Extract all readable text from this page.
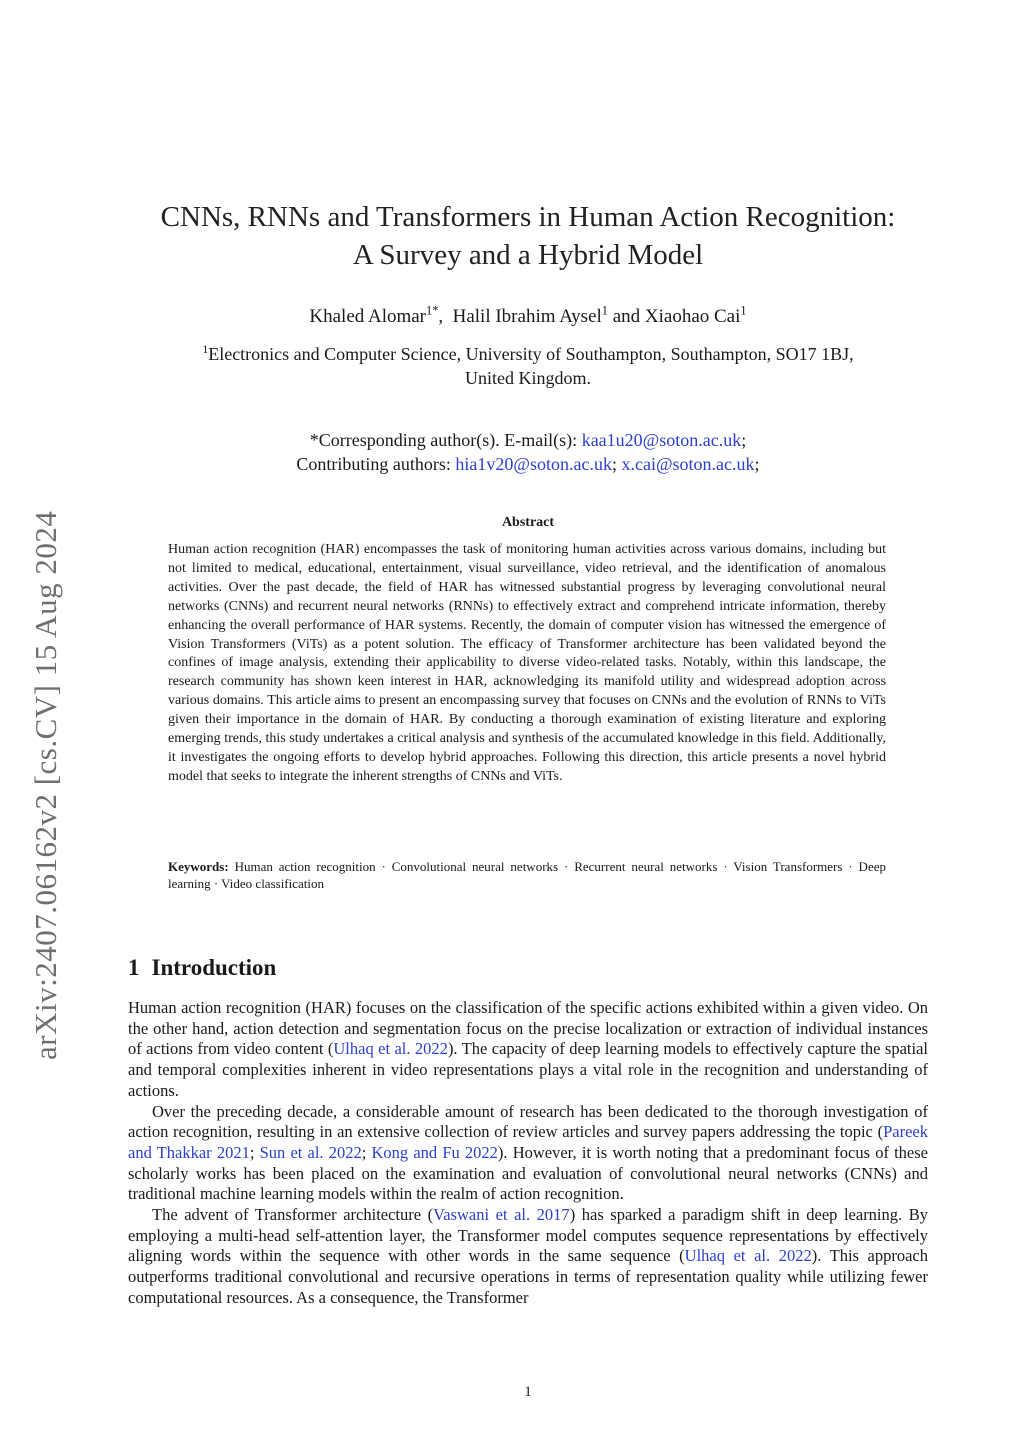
arXiv:2407.06162v2 [cs.CV] 15 Aug 2024
CNNs, RNNs and Transformers in Human Action Recognition:
A Survey and a Hybrid Model
Khaled Alomar$^{1*}$,  Halil Ibrahim Aysel$^1$ and Xiaohao Cai$^1$
$^1$Electronics and Computer Science, University of Southampton, Southampton, SO17 1BJ,
United Kingdom.
*Corresponding author(s). E-mail(s): kaa1u20@soton.ac.uk;
Contributing authors: hia1v20@soton.ac.uk; x.cai@soton.ac.uk;
Abstract
Human action recognition (HAR) encompasses the task of monitoring human activities across various domains, including but not limited to medical, educational, entertainment, visual surveillance, video retrieval, and the identification of anomalous activities. Over the past decade, the field of HAR has witnessed substantial progress by leveraging convolutional neural networks (CNNs) and recurrent neural networks (RNNs) to effectively extract and comprehend intricate information, thereby enhancing the overall performance of HAR systems. Recently, the domain of computer vision has witnessed the emergence of Vision Transformers (ViTs) as a potent solution. The efficacy of Transformer architecture has been validated beyond the confines of image analysis, extending their applicability to diverse video-related tasks. Notably, within this landscape, the research community has shown keen interest in HAR, acknowledging its manifold utility and widespread adoption across various domains. This article aims to present an encompassing survey that focuses on CNNs and the evolution of RNNs to ViTs given their importance in the domain of HAR. By conducting a thorough examination of existing literature and exploring emerging trends, this study undertakes a critical analysis and synthesis of the accumulated knowledge in this field. Additionally, it investigates the ongoing efforts to develop hybrid approaches. Following this direction, this article presents a novel hybrid model that seeks to integrate the inherent strengths of CNNs and ViTs.
Keywords: Human action recognition · Convolutional neural networks · Recurrent neural networks · Vision Transformers · Deep learning · Video classification
1 Introduction

Human action recognition (HAR) focuses on the classification of the specific actions exhibited within a given video. On the other hand, action detection and segmentation focus on the precise localization or extraction of individual instances of actions from video content (Ulhaq et al. 2022). The capacity of deep learning models to effectively capture the spatial and temporal complexities inherent in video representations plays a vital role in the recognition and understanding of actions.

Over the preceding decade, a considerable amount of research has been dedicated to the thorough investigation of action recognition, resulting in an extensive collection of review articles and survey papers addressing the topic (Pareek and Thakkar 2021; Sun et al. 2022; Kong and Fu 2022). However, it is worth noting that a predominant focus of these scholarly works has been placed on the examination and evaluation of convolutional neural networks (CNNs) and traditional machine learning models within the realm of action recognition.

The advent of Transformer architecture (Vaswani et al. 2017) has sparked a paradigm shift in deep learning. By employing a multi-head self-attention layer, the Transformer model computes sequence representations by effectively aligning words within the sequence with other words in the same sequence (Ulhaq et al. 2022). This approach outperforms traditional convolutional and recursive operations in terms of representation quality while utilizing fewer computational resources. As a consequence, the Transformer

1
